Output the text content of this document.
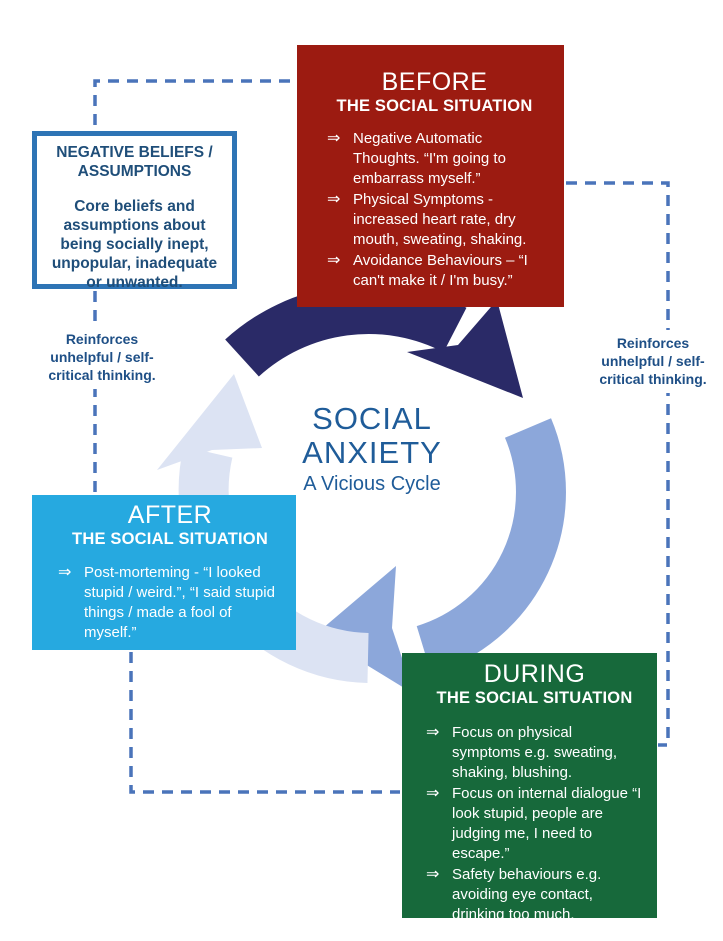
SOCIAL
ANXIETY
A Vicious Cycle
Reinforces unhelpful / self-critical thinking.
Reinforces unhelpful / self-critical thinking.
BEFORE
THE SOCIAL SITUATION
⇒ Negative Automatic Thoughts. “I'm going to embarrass myself.”
⇒ Physical Symptoms - increased heart rate, dry mouth, sweating, shaking.
⇒ Avoidance Behaviours – “I can't make it / I'm busy.”
NEGATIVE BELIEFS / ASSUMPTIONS
Core beliefs and assumptions about being socially inept, unpopular, inadequate or unwanted.
AFTER
THE SOCIAL SITUATION
⇒ Post-morteming - “I looked stupid / weird.”, “I said stupid things / made a fool of myself.”
DURING
THE SOCIAL SITUATION
⇒ Focus on physical symptoms e.g. sweating, shaking, blushing.
⇒ Focus on internal dialogue “I look stupid, people are judging me, I need to escape.”
⇒ Safety behaviours e.g. avoiding eye contact, drinking too much.
